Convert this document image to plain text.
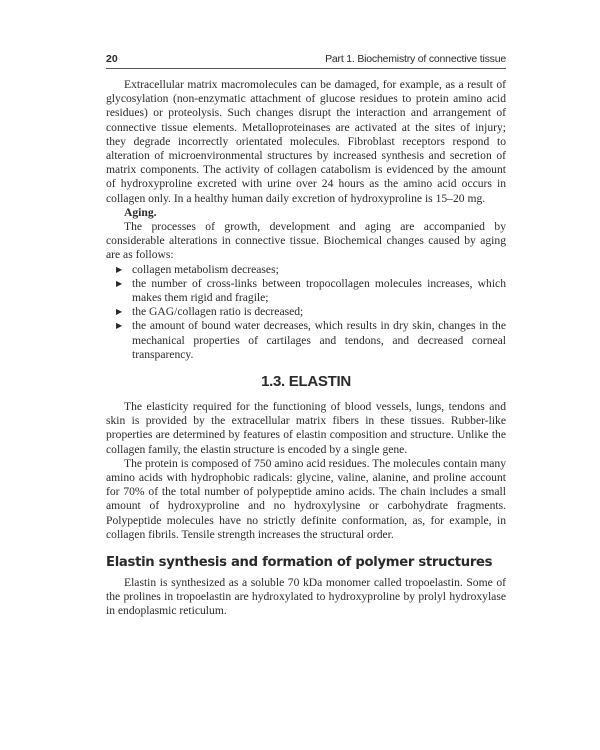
20	Part 1. Biochemistry of connective tissue

Extracellular matrix macromolecules can be damaged, for example, as a result of glycosylation (non-enzymatic attachment of glucose residues to protein amino acid residues) or proteolysis. Such changes disrupt the interaction and arrangement of connective tissue elements. Metalloproteinases are activated at the sites of injury; they degrade incorrectly orientated molecules. Fibroblast receptors respond to alteration of microenvironmental structures by increased synthesis and secretion of matrix components. The activity of collagen catabolism is evidenced by the amount of hydroxyproline excreted with urine over 24 hours as the amino acid occurs in collagen only. In a healthy human daily excretion of hydroxyproline is 15–20 mg.

Aging.

The processes of growth, development and aging are accompanied by considerable alterations in connective tissue. Biochemical changes caused by aging are as follows:

▶ collagen metabolism decreases;
▶ the number of cross-links between tropocollagen molecules increases, which makes them rigid and fragile;
▶ the GAG/collagen ratio is decreased;
▶ the amount of bound water decreases, which results in dry skin, changes in the mechanical properties of cartilages and tendons, and decreased corneal transparency.
1.3. ELASTIN

The elasticity required for the functioning of blood vessels, lungs, tendons and skin is provided by the extracellular matrix fibers in these tissues. Rubber-like properties are determined by features of elastin composition and structure. Unlike the collagen family, the elastin structure is encoded by a single gene.

The protein is composed of 750 amino acid residues. The molecules contain many amino acids with hydrophobic radicals: glycine, valine, alanine, and proline account for 70% of the total number of polypeptide amino acids. The chain includes a small amount of hydroxyproline and no hydroxylysine or carbohydrate fragments. Polypeptide molecules have no strictly definite conformation, as, for example, in collagen fibrils. Tensile strength increases the structural order.

Elastin synthesis and formation of polymer structures

Elastin is synthesized as a soluble 70 kDa monomer called tropoelastin. Some of the prolines in tropoelastin are hydroxylated to hydroxyproline by prolyl hydroxylase in endoplasmic reticulum.
